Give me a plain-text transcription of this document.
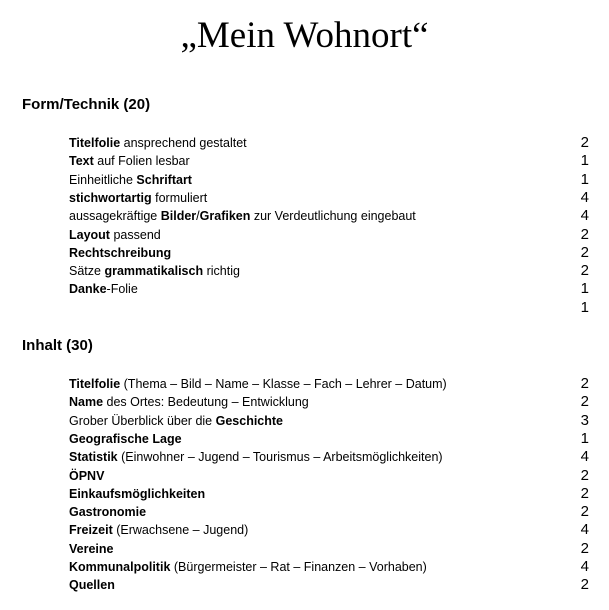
„Mein Wohnort“
Form/Technik (20)
Titelfolie ansprechend gestaltet	2
Text auf Folien lesbar	1
Einheitliche Schriftart	1
stichwortartig formuliert	4
aussagekräftige Bilder/Grafiken zur Verdeutlichung eingebaut	4
Layout passend	2
Rechtschreibung	2
Sätze grammatikalisch richtig	2
Danke-Folie	1
1
Inhalt (30)
Titelfolie (Thema – Bild – Name – Klasse – Fach – Lehrer – Datum)	2
Name des Ortes: Bedeutung – Entwicklung	2
Grober Überblick über die Geschichte	3
Geografische Lage	1
Statistik (Einwohner – Jugend – Tourismus – Arbeitsmöglichkeiten)	4
ÖPNV	2
Einkaufsmöglichkeiten	2
Gastronomie	2
Freizeit (Erwachsene – Jugend)	4
Vereine	2
Kommunalpolitik (Bürgermeister – Rat – Finanzen – Vorhaben)	4
Quellen	2
